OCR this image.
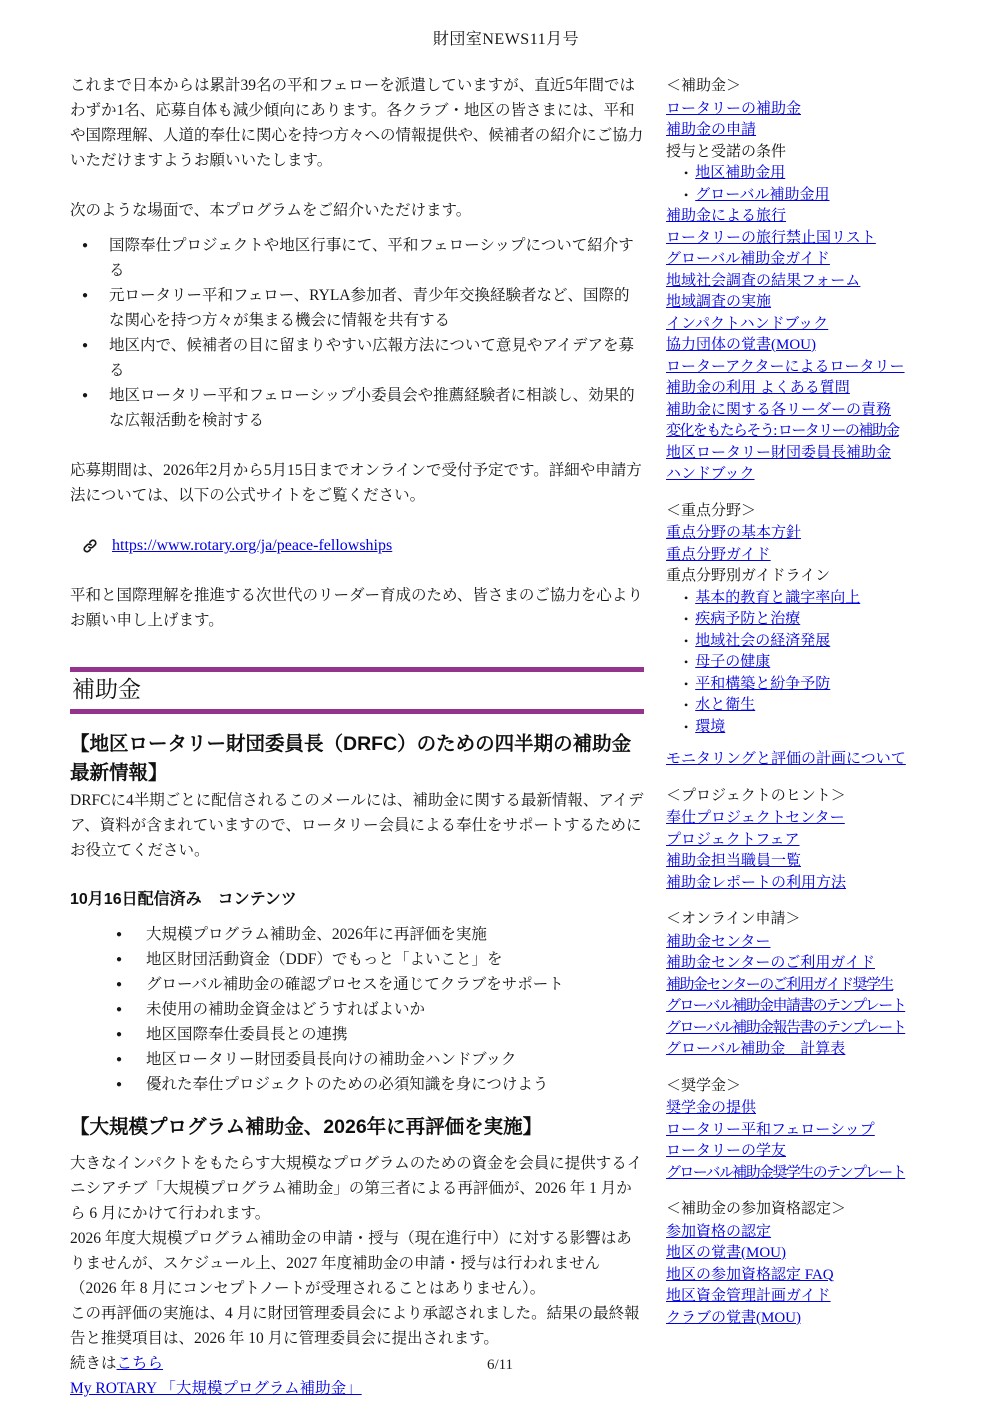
財団室NEWS11月号

これまで日本からは累計39名の平和フェローを派遣していますが、直近5年間ではわずか1名、応募自体も減少傾向にあります。各クラブ・地区の皆さまには、平和や国際理解、人道的奉仕に関心を持つ方々への情報提供や、候補者の紹介にご協力いただけますようお願いいたします。

次のような場面で、本プログラムをご紹介いただけます。

● 国際奉仕プロジェクトや地区行事にて、平和フェローシップについて紹介する
● 元ロータリー平和フェロー、RYLA参加者、青少年交換経験者など、国際的な関心を持つ方々が集まる機会に情報を共有する
● 地区内で、候補者の目に留まりやすい広報方法について意見やアイデアを募る
● 地区ロータリー平和フェローシップ小委員会や推薦経験者に相談し、効果的な広報活動を検討する

応募期間は、2026年2月から5月15日までオンラインで受付予定です。詳細や申請方法については、以下の公式サイトをご覧ください。

https://www.rotary.org/ja/peace-fellowships

平和と国際理解を推進する次世代のリーダー育成のため、皆さまのご協力を心よりお願い申し上げます。

補助金
【地区ロータリー財団委員長（DRFC）のための四半期の補助金最新情報】

DRFCに4半期ごとに配信されるこのメールには、補助金に関する最新情報、アイデア、資料が含まれていますので、ロータリー会員による奉仕をサポートするためにお役立てください。

10月16日配信済み　コンテンツ
● 大規模プログラム補助金、2026年に再評価を実施
● 地区財団活動資金（DDF）でもっと「よいこと」を
● グローバル補助金の確認プロセスを通じてクラブをサポート
● 未使用の補助金資金はどうすればよいか
● 地区国際奉仕委員長との連携
● 地区ロータリー財団委員長向けの補助金ハンドブック
● 優れた奉仕プロジェクトのための必須知識を身につけよう
【大規模プログラム補助金、2026年に再評価を実施】
大きなインパクトをもたらす大規模なプログラムのための資金を会員に提供するイニシアチブ「大規模プログラム補助金」の第三者による再評価が、2026 年 1 月から 6 月にかけて行われます。
2026 年度大規模プログラム補助金の申請・授与（現在進行中）に対する影響はありませんが、スケジュール上、2027 年度補助金の申請・授与は行われません（2026 年 8 月にコンセプトノートが受理されることはありません）。
この再評価の実施は、4 月に財団管理委員会により承認されました。結果の最終報告と推奨項目は、2026 年 10 月に管理委員会に提出されます。
続きはこちら
My ROTARY 「大規模プログラム補助金」
＜補助金＞
ロータリーの補助金
補助金の申請
授与と受諾の条件
• 地区補助金用
• グローバル補助金用
補助金による旅行
ロータリーの旅行禁止国リスト
グローバル補助金ガイド
地域社会調査の結果フォーム
地域調査の実施
インパクトハンドブック
協力団体の覚書(MOU)
ローターアクターによるロータリー
補助金の利用 よくある質問
補助金に関する各リーダーの責務
変化をもたらそう: ロータリーの補助金
地区ロータリー財団委員長補助金
ハンドブック
＜重点分野＞
重点分野の基本方針
重点分野ガイド
重点分野別ガイドライン
• 基本的教育と識字率向上
• 疾病予防と治療
• 地域社会の経済発展
• 母子の健康
• 平和構築と紛争予防
• 水と衛生
• 環境
モニタリングと評価の計画について
＜プロジェクトのヒント＞
奉仕プロジェクトセンター
プロジェクトフェア
補助金担当職員一覧
補助金レポートの利用方法
＜オンライン申請＞
補助金センター
補助金センターのご利用ガイド
補助金センターのご利用ガイド奨学生
グローバル補助金申請書のテンプレート
グローバル補助金報告書のテンプレート
グローバル補助金　計算表
＜奨学金＞
奨学金の提供
ロータリー平和フェローシップ
ロータリーの学友
グローバル補助金奨学生のテンプレート
＜補助金の参加資格認定＞
参加資格の認定
地区の覚書(MOU)
地区の参加資格認定 FAQ
地区資金管理計画ガイド
クラブの覚書(MOU)
6/11
